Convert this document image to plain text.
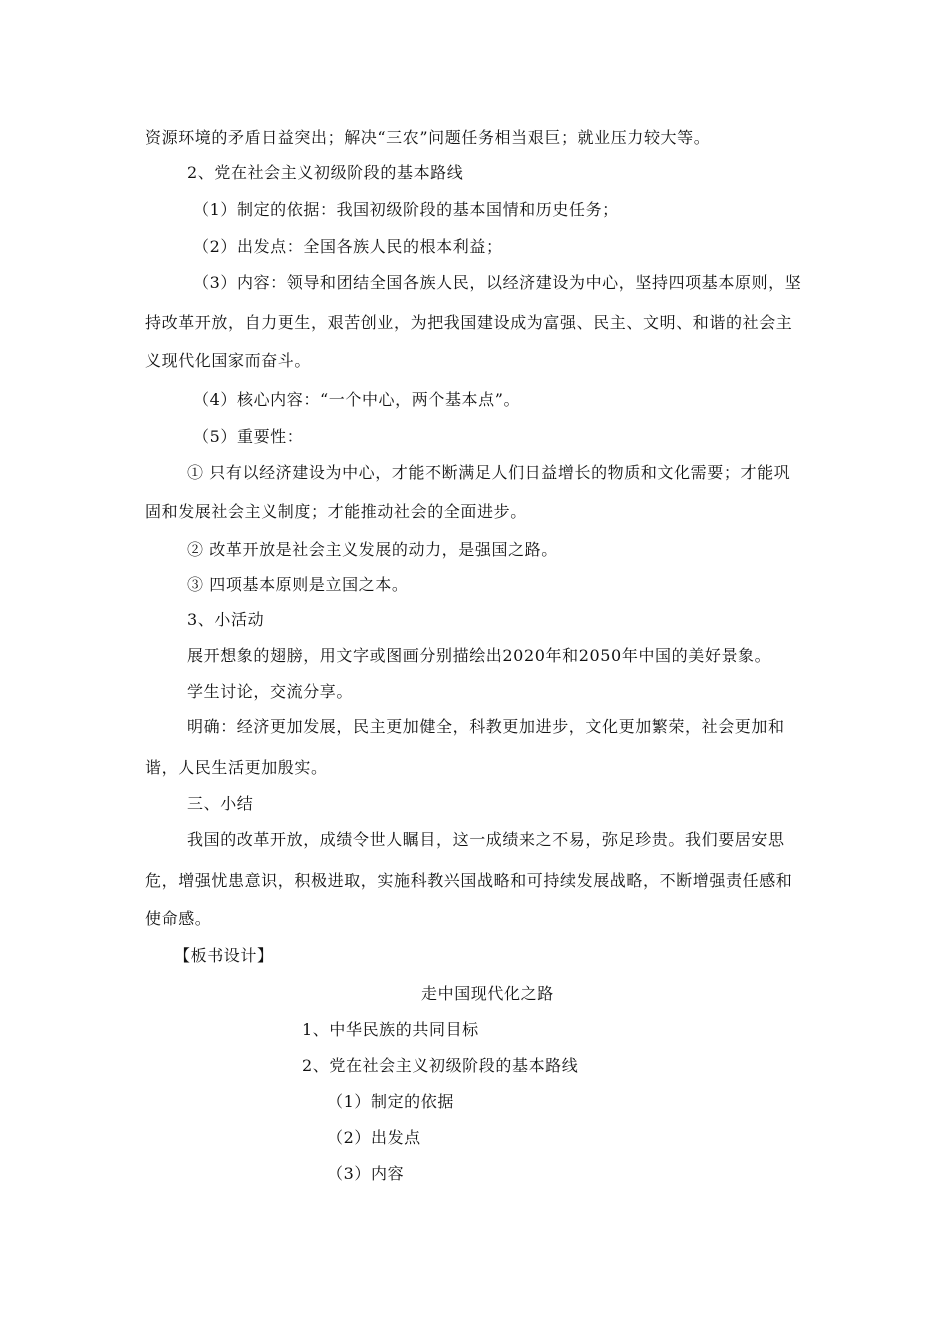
资源环境的矛盾日益突出；解决“三农”问题任务相当艰巨；就业压力较大等。
2、党在社会主义初级阶段的基本路线
（1）制定的依据：我国初级阶段的基本国情和历史任务；
（2）出发点：全国各族人民的根本利益；
（3）内容：领导和团结全国各族人民，以经济建设为中心，坚持四项基本原则，坚
持改革开放，自力更生，艰苦创业，为把我国建设成为富强、民主、文明、和谐的社会主
义现代化国家而奋斗。
（4）核心内容：“一个中心，两个基本点”。
（5）重要性：
① 只有以经济建设为中心，才能不断满足人们日益增长的物质和文化需要；才能巩
固和发展社会主义制度；才能推动社会的全面进步。
② 改革开放是社会主义发展的动力，是强国之路。
③ 四项基本原则是立国之本。
3、小活动
展开想象的翅膀，用文字或图画分别描绘出2020年和2050年中国的美好景象。
学生讨论，交流分享。
明确：经济更加发展，民主更加健全，科教更加进步，文化更加繁荣，社会更加和
谐，人民生活更加殷实。
三、小结
我国的改革开放，成绩令世人瞩目，这一成绩来之不易，弥足珍贵。我们要居安思
危，增强忧患意识，积极进取，实施科教兴国战略和可持续发展战略，不断增强责任感和
使命感。
【板书设计】
走中国现代化之路
1、中华民族的共同目标
2、党在社会主义初级阶段的基本路线
（1）制定的依据
（2）出发点
（3）内容
